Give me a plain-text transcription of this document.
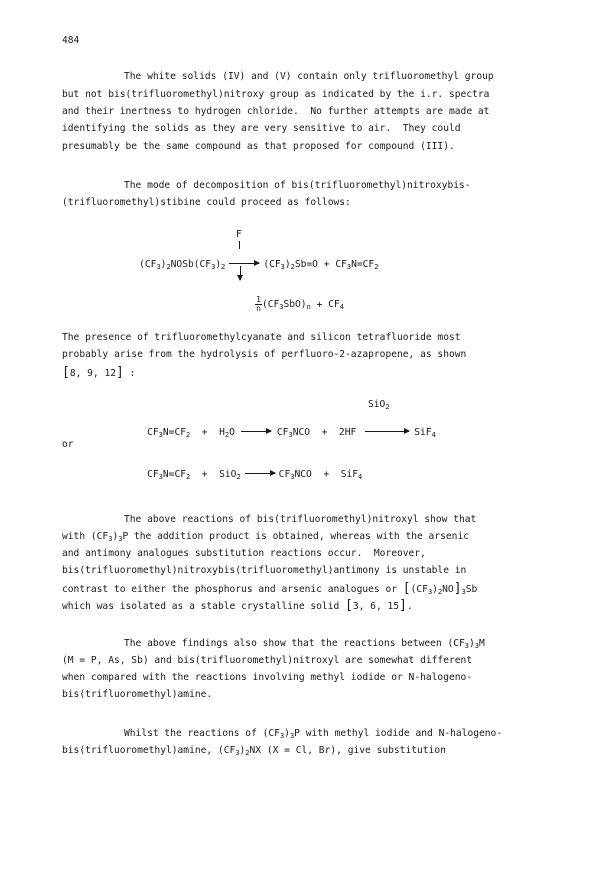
484
The white solids (IV) and (V) contain only trifluoromethyl group
but not bis(trifluoromethyl)nitroxy group as indicated by the i.r. spectra
and their inertness to hydrogen chloride.  No further attempts are made at
identifying the solids as they are very sensitive to air.  They could
presumably be the same compound as that proposed for compound (III).
The mode of decomposition of bis(trifluoromethyl)nitroxybis-
(trifluoromethyl)stibine could proceed as follows:
F

$(CF_3)_2NOSb(CF_3)_2 \to (CF_3)_2Sb=O + CF_3N=CF_2$

$\frac{1}{n} (CF_3SbO)_n + CF_4$

The presence of trifluoromethylcyanate and silicon tetrafluoride most
probably arise from the hydrolysis of perfluoro-2-azapropene, as shown
[8, 9, 12] :
SiO$_2$

$CF_3N=CF_2 + H_2O \to CF_3NCO + 2HF$	SiF$_4$

or

$CF_3N=CF_2 + SiO_2 \to CF_3NCO + SiF_4$

The above reactions of bis(trifluoromethyl)nitroxyl show that
with $(CF_3)_3P$ the addition product is obtained, whereas with the arsenic
and antimony analogues substitution reactions occur.  Moreover,
bis(trifluoromethyl)nitroxybis(trifluoromethyl)antimony is unstable in
contrast to either the phosphorus and arsenic analogues or $[(CF_3)_2NO]_3Sb$
which was isolated as a stable crystalline solid [3, 6, 15].
The above findings also show that the reactions between $(CF_3)_3M$
(M = P, As, Sb) and bis(trifluoromethyl)nitroxyl are somewhat different
when compared with the reactions involving methyl iodide or N-halogeno-
bis(trifluoromethyl)amine.
Whilst the reactions of $(CF_3)_3P$ with methyl iodide and N-halogeno-
bis(trifluoromethyl)amine, $(CF_3)_2NX$ (X = Cl, Br), give substitution
